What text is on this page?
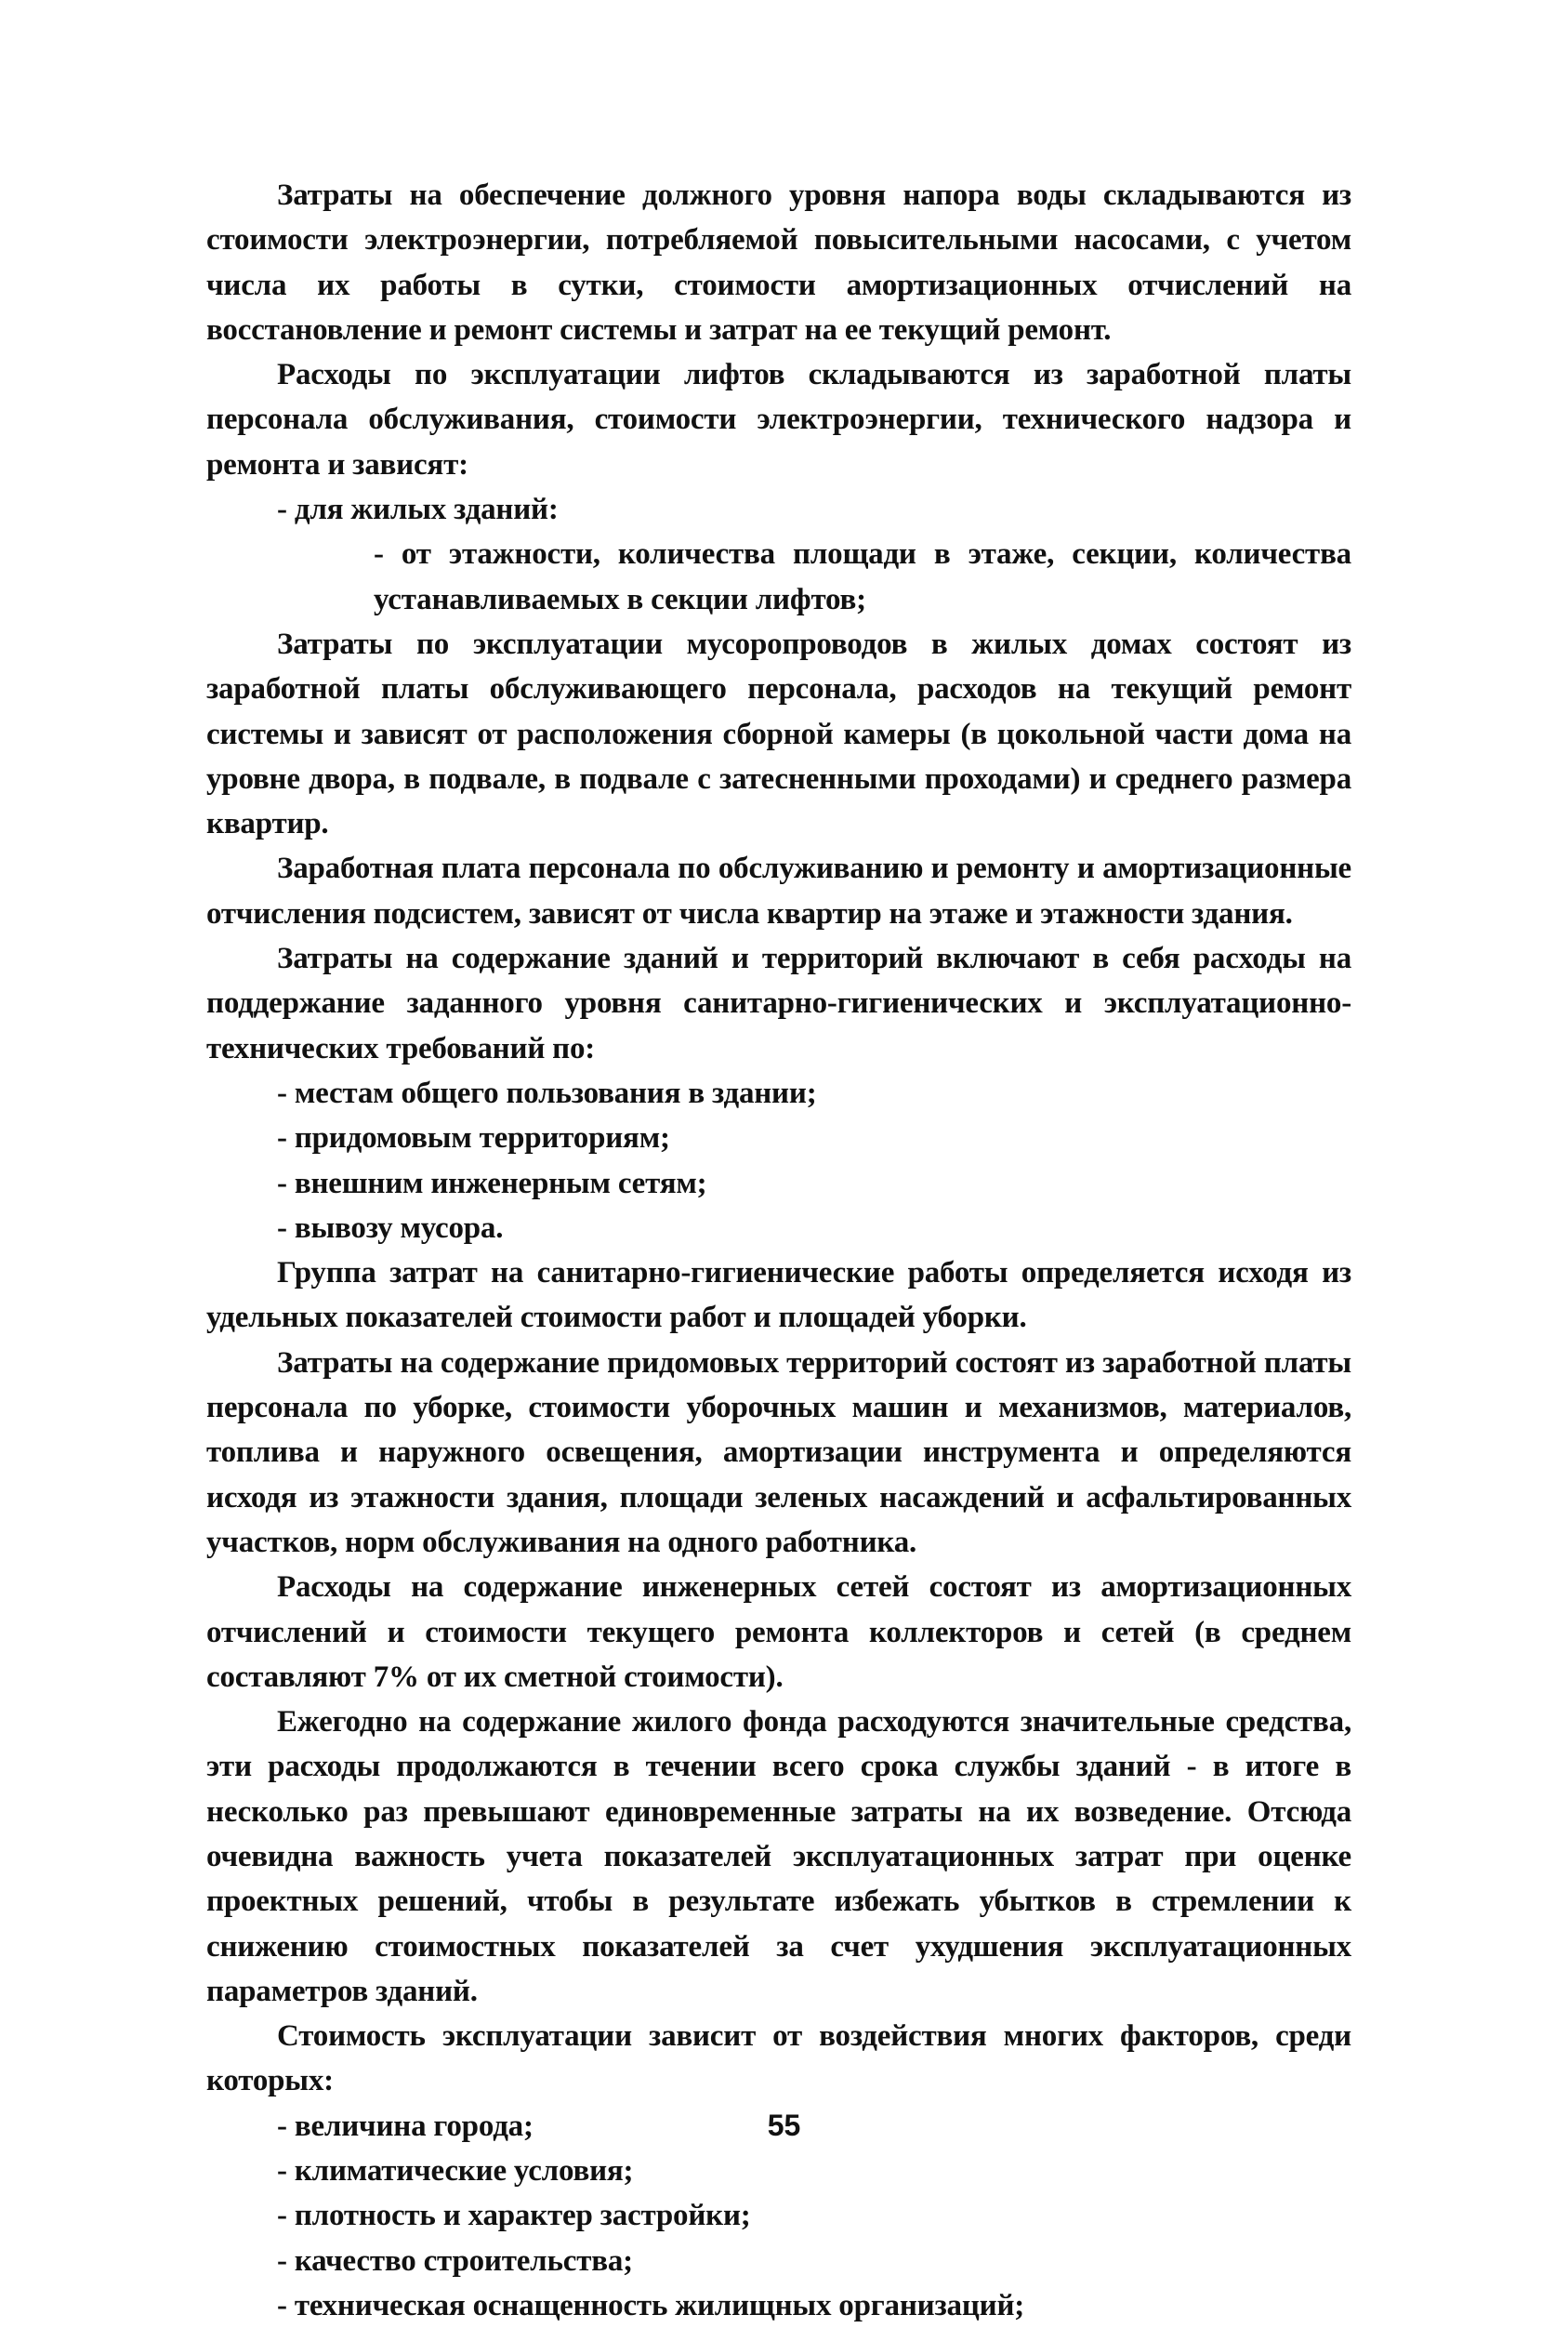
Затраты на обеспечение должного уровня напора воды складываются из стоимости электроэнергии, потребляемой повысительными насосами, с учетом числа их работы в сутки, стоимости амортизационных отчислений на восстановление и ремонт системы и затрат на ее текущий ремонт.

Расходы по эксплуатации лифтов складываются из заработной платы персонала обслуживания, стоимости электроэнергии, технического надзора и ремонта и зависят:

- для жилых зданий:

- от этажности, количества площади в этаже, секции, количества устанавливаемых в секции лифтов;

Затраты по эксплуатации мусоропроводов в жилых домах состоят из заработной платы обслуживающего персонала, расходов на текущий ремонт системы и зависят от расположения сборной камеры (в цокольной части дома на уровне двора, в подвале, в подвале с затесненными проходами) и среднего размера квартир.

Заработная плата персонала по обслуживанию и ремонту и амортизационные отчисления подсистем, зависят от числа квартир на этаже и этажности здания.

Затраты на содержание зданий и территорий включают в себя расходы на поддержание заданного уровня санитарно-гигиенических и эксплуатационно-технических требований по:

- местам общего пользования в здании;

- придомовым территориям;

- внешним инженерным сетям;

- вывозу мусора.

Группа затрат на санитарно-гигиенические работы определяется исходя из удельных показателей стоимости работ и площадей уборки.

Затраты на содержание придомовых территорий состоят из заработной платы персонала по уборке, стоимости уборочных машин и механизмов, материалов, топлива и наружного освещения, амортизации инструмента и определяются исходя из этажности здания, площади зеленых насаждений и асфальтированных участков, норм обслуживания на одного работника.

Расходы на содержание инженерных сетей состоят из амортизационных отчислений и стоимости текущего ремонта коллекторов и сетей (в среднем составляют 7% от их сметной стоимости).

Ежегодно на содержание жилого фонда расходуются значительные средства, эти расходы продолжаются в течении всего срока службы зданий - в итоге в несколько раз превышают единовременные затраты на их возведение. Отсюда очевидна важность учета показателей эксплуатационных затрат при оценке проектных решений, чтобы в результате избежать убытков в стремлении к снижению стоимостных показателей за счет ухудшения эксплуатационных параметров зданий.

Стоимость эксплуатации зависит от воздействия многих факторов, среди которых:

- величина города;

- климатические условия;

- плотность и характер застройки;

- качество строительства;

- техническая оснащенность жилищных организаций;

55
